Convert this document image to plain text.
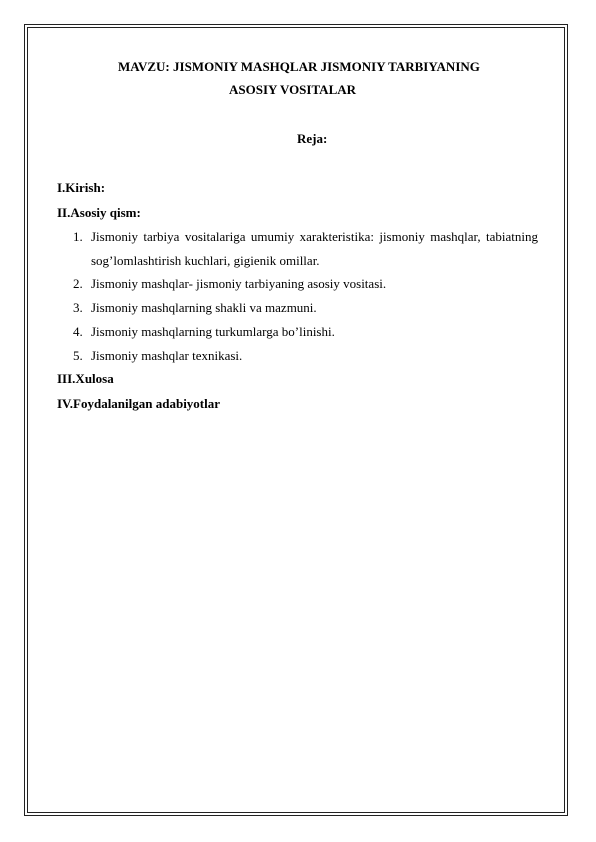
MAVZU: JISMONIY MASHQLAR JISMONIY TARBIYANING
ASOSIY VOSITALAR
Reja:
I.Kirish:
II.Asosiy qism:
1. Jismoniy tarbiya vositalariga umumiy xarakteristika: jismoniy mashqlar, tabiatning sog’lomlashtirish kuchlari, gigienik omillar.
2. Jismoniy mashqlar- jismoniy tarbiyaning asosiy vositasi.
3. Jismoniy mashqlarning shakli va mazmuni.
4. Jismoniy mashqlarning turkumlarga bo’linishi.
5. Jismoniy mashqlar texnikasi.
III.Xulosa
IV.Foydalanilgan adabiyotlar
